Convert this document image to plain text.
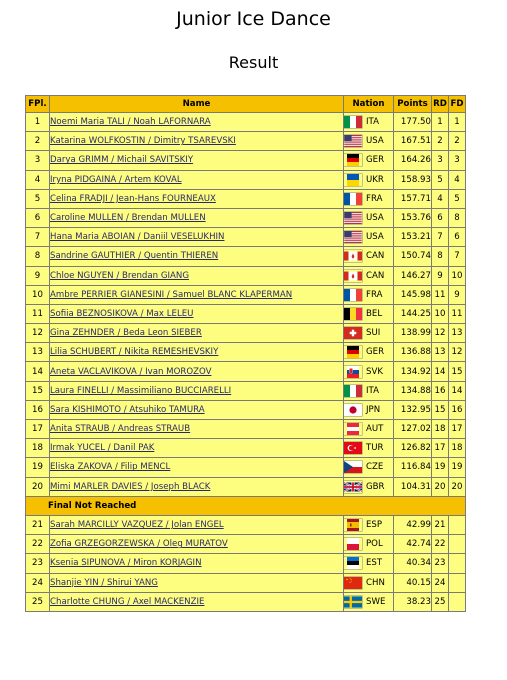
Junior Ice Dance
Result
FPl.	Name	Nation	Points	RD	FD
1	Noemi Maria TALI / Noah LAFORNARA	ITA	177.50	1	1
2	Katarina WOLFKOSTIN / Dimitry TSAREVSKI	USA	167.51	2	2
3	Darya GRIMM / Michail SAVITSKIY	GER	164.26	3	3
4	Iryna PIDGAINA / Artem KOVAL	UKR	158.93	5	4
5	Celina FRADJI / Jean-Hans FOURNEAUX	FRA	157.71	4	5
6	Caroline MULLEN / Brendan MULLEN	USA	153.76	6	8
7	Hana Maria ABOIAN / Daniil VESELUKHIN	USA	153.21	7	6
8	Sandrine GAUTHIER / Quentin THIEREN	CAN	150.74	8	7
9	Chloe NGUYEN / Brendan GIANG	CAN	146.27	9	10
10	Ambre PERRIER GIANESINI / Samuel BLANC KLAPERMAN	FRA	145.98	11	9
11	Sofiia BEZNOSIKOVA / Max LELEU	BEL	144.25	10	11
12	Gina ZEHNDER / Beda Leon SIEBER	SUI	138.99	12	13
13	Lilia SCHUBERT / Nikita REMESHEVSKIY	GER	136.88	13	12
14	Aneta VACLAVIKOVA / Ivan MOROZOV	SVK	134.92	14	15
15	Laura FINELLI / Massimiliano BUCCIARELLI	ITA	134.88	16	14
16	Sara KISHIMOTO / Atsuhiko TAMURA	JPN	132.95	15	16
17	Anita STRAUB / Andreas STRAUB	AUT	127.02	18	17
18	Irmak YUCEL / Danil PAK	TUR	126.82	17	18
19	Eliska ZAKOVA / Filip MENCL	CZE	116.84	19	19
20	Mimi MARLER DAVIES / Joseph BLACK	GBR	104.31	20	20
Final Not Reached					
21	Sarah MARCILLY VAZQUEZ / Jolan ENGEL	ESP	42.99	21	
22	Zofia GRZEGORZEWSKA / Oleg MURATOV	POL	42.74	22	
23	Ksenia SIPUNOVA / Miron KORJAGIN	EST	40.34	23	
24	Shanjie YIN / Shirui YANG	CHN	40.15	24	
25	Charlotte CHUNG / Axel MACKENZIE	SWE	38.23	25	
